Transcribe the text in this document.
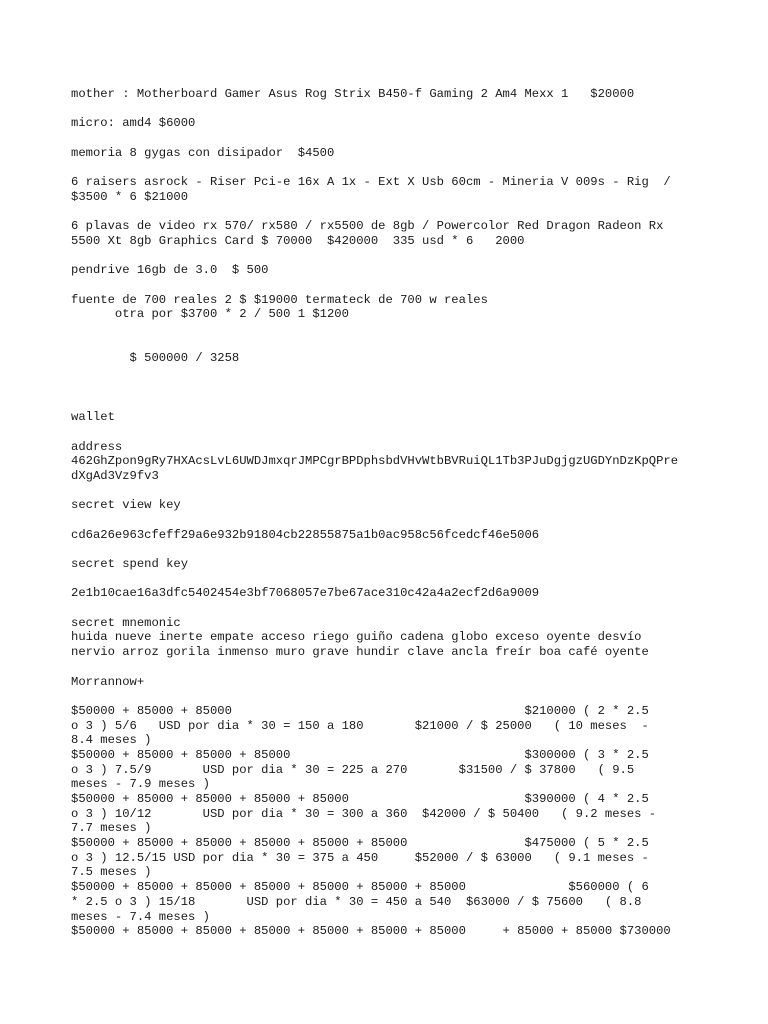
mother : Motherboard Gamer Asus Rog Strix B450-f Gaming 2 Am4 Mexx 1   $20000
micro: amd4 $6000
memoria 8 gygas con disipador  $4500
6 raisers asrock - Riser Pci-e 16x A 1x - Ext X Usb 60cm - Mineria V 009s - Rig  /
$3500 * 6 $21000
6 plavas de video rx 570/ rx580 / rx5500 de 8gb / Powercolor Red Dragon Radeon Rx
5500 Xt 8gb Graphics Card $ 70000  $420000  335 usd * 6   2000
pendrive 16gb de 3.0  $ 500
fuente de 700 reales 2 $ $19000 termateck de 700 w reales
otra por $3700 * 2 / 500 1 $1200
$ 500000 / 3258
wallet
address
462GhZpon9gRy7HXAcsLvL6UWDJmxqrJMPCgrBPDphsbdVHvWtbBVRuiQL1Tb3PJuDgjgzUGDYnDzKpQPre
dXgAd3Vz9fv3
secret view key
cd6a26e963cfeff29a6e932b91804cb22855875a1b0ac958c56fcedcf46e5006
secret spend key
2e1b10cae16a3dfc5402454e3bf7068057e7be67ace310c42a4a2ecf2d6a9009
secret mnemonic
huida nueve inerte empate acceso riego guiño cadena globo exceso oyente desvío
nervio arroz gorila inmenso muro grave hundir clave ancla freír boa café oyente
Morrannow+
$50000 + 85000 + 85000                                        $210000 ( 2 * 2.5
o 3 ) 5/6   USD por dia * 30 = 150 a 180       $21000 / $ 25000   ( 10 meses  -
8.4 meses )
$50000 + 85000 + 85000 + 85000                                $300000 ( 3 * 2.5
o 3 ) 7.5/9       USD por dia * 30 = 225 a 270       $31500 / $ 37800   ( 9.5
meses - 7.9 meses )
$50000 + 85000 + 85000 + 85000 + 85000                        $390000 ( 4 * 2.5
o 3 ) 10/12       USD por dia * 30 = 300 a 360  $42000 / $ 50400   ( 9.2 meses -
7.7 meses )
$50000 + 85000 + 85000 + 85000 + 85000 + 85000                $475000 ( 5 * 2.5
o 3 ) 12.5/15 USD por dia * 30 = 375 a 450     $52000 / $ 63000   ( 9.1 meses -
7.5 meses )
$50000 + 85000 + 85000 + 85000 + 85000 + 85000 + 85000              $560000 ( 6
* 2.5 o 3 ) 15/18       USD por dia * 30 = 450 a 540  $63000 / $ 75600   ( 8.8
meses - 7.4 meses )
$50000 + 85000 + 85000 + 85000 + 85000 + 85000 + 85000     + 85000 + 85000 $730000
